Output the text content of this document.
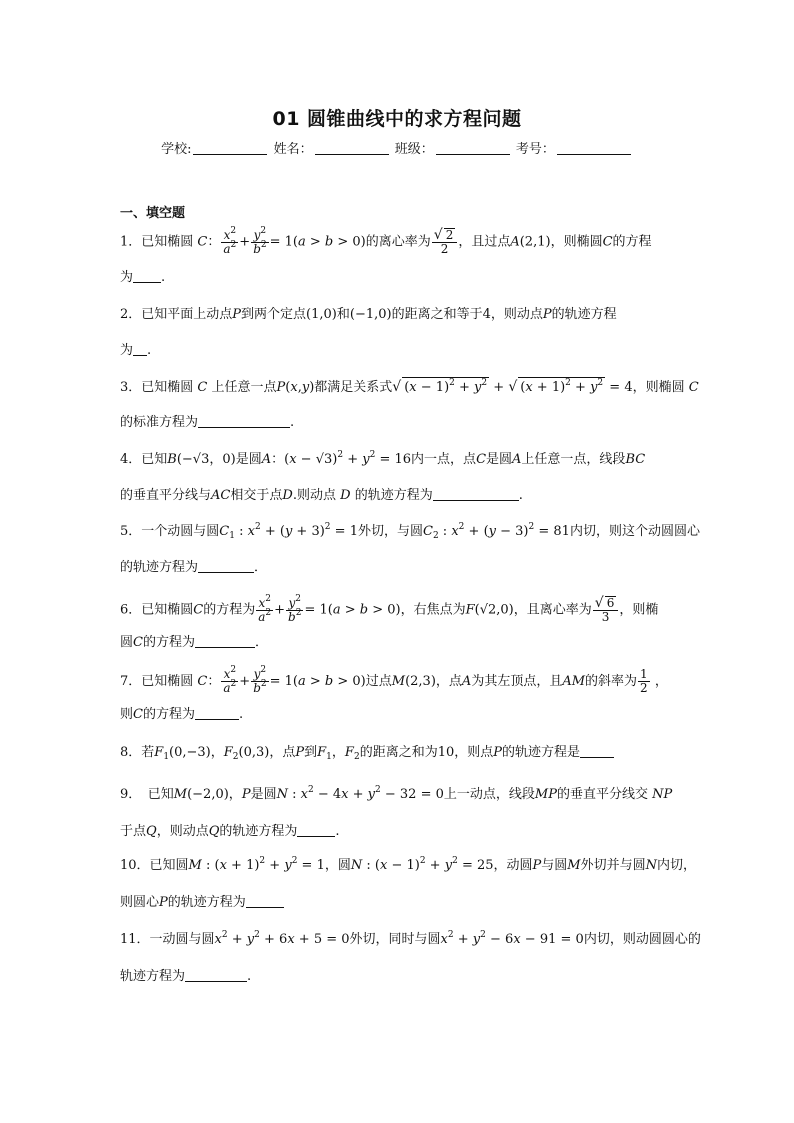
01 圆锥曲线中的求方程问题
学校:	姓名：	班级：	考号：
一、填空题
1．已知椭圆 C： $\frac{x^2}{a^2} + \frac{y^2}{b^2} = 1(a > b > 0)$的离心率为 $\frac{√ 2}{2}$ ，且过点A(2,1)，则椭圆C的方程
为 .
2．已知平面上动点P到两个定点(1,0)和(−1,0)的距离之和等于4，则动点P的轨迹方程
为 .
3．已知椭圆 C 上任意一点P(x,y)都满足关系式√ $(x - 1)^2 + y^2$ + √ $(x + 1)^2 + y^2 = 4$，则椭圆 C
的标准方程为	.
4．已知B(−√3，0)是圆A：$(x - √3)^2 + y^2 = 16$内一点，点C是圆A上任意一点，线段BC
的垂直平分线与AC相交于点D.则动点 D 的轨迹方程为	.
5．一个动圆与圆$C_1$ : $x^2 + (y + 3)^2 = 1$外切，与圆$C_2$ : $x^2 + (y - 3)^2 = 81$内切，则这个动圆圆心
的轨迹方程为	．
6．已知椭圆C的方程为 $\frac{x^2}{a^2} + \frac{y^2}{b^2} = 1(a > b > 0)$，右焦点为F(√2,0)，且离心率为 $\frac{√ 6}{3}$ ，则椭
圆C的方程为	．
7．已知椭圆 C： $\frac{x^2}{a^2} + \frac{y^2}{b^2} = 1(a > b > 0)$过点M(2,3)，点A为其左顶点，且AM的斜率为 $\frac{1}{2}$ ，
则C的方程为	.
8．若$F_1(0,-3)$，$F_2(0,3)$，点P到$F_1$，$F_2$的距离之和为10，则点P的轨迹方程是
9．　已知M(−2,0)，P是圆N : $x^2 - 4x + y^2 - 32 = 0$上一动点，线段MP的垂直平分线交 NP
于点Q，则动点Q的轨迹方程为	.
10．已知圆M : $(x + 1)^2 + y^2 = 1$，圆N : $(x - 1)^2 + y^2 = 25$，动圆P与圆M外切并与圆N内切，
则圆心P的轨迹方程为
11．一动圆与圆$x^2 + y^2 + 6x + 5 = 0$外切，同时与圆$x^2 + y^2 - 6x - 91 = 0$内切，则动圆圆心的
轨迹方程为	.
